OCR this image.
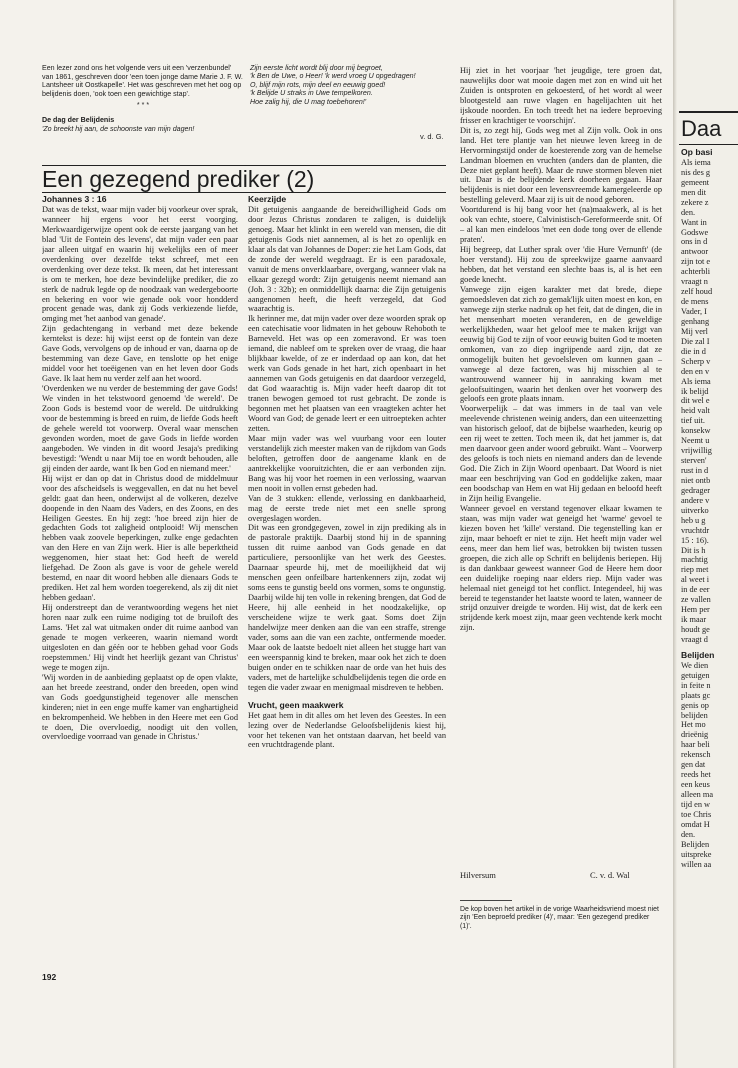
Een lezer zond ons het volgende vers uit een 'verzenbundel' van 1861, geschreven door 'een toen jonge dame Marie J. F. W. Lantsheer uit Oostkapelle'. Het was geschreven met het oog op belijdenis doen, 'ook toen een gewichtige stap'.

* * *

De dag der Belijdenis

'Zo breekt hij aan, de schoonste van mijn dagen!

Zijn eerste licht wordt blij door mij begroet,
'k Ben de Uwe, o Heer! 'k werd vroeg U opgedragen!
O, blijf mijn rots, mijn deel en eeuwig goed!
'k Belijde U straks in Uwe tempelkoren.
Hoe zalig hij, die U mag toebehoren!'
v. d. G.
Een gezegend prediker (2)
Johannes 3 : 16

Dat was de tekst, waar mijn vader bij voorkeur over sprak, wanneer hij ergens voor het eerst voorging. Merkwaardigerwijze opent ook de eerste jaargang van het blad 'Uit de Fontein des levens', dat mijn vader een paar jaar alleen uitgaf en waarin hij wekelijks een of meer overdenking over dezelfde tekst schreef, met een overdenking over deze tekst. Ik meen, dat het interessant is om te merken, hoe deze bevindelijke prediker, die zo sterk de nadruk legde op de noodzaak van wedergeboorte en bekering en voor wie genade ook voor hondderd procent genade was, dank zij Gods verkiezende liefde, omging met 'het aanbod van genade'.

Zijn gedachtengang in verband met deze bekende kerntekst is deze: hij wijst eerst op de fontein van deze Gave Gods, vervolgens op de inhoud er van, daarna op de bestemming van deze Gave, en tenslotte op het enige middel voor het toeëigenen van en het leven door Gods Gave. Ik laat hem nu verder zelf aan het woord.

'Overdenken we nu verder de bestemming der gave Gods! We vinden in het tekstwoord genoemd 'de wereld'. De Zoon Gods is bestemd voor de wereld. De uitdrukking voor de bestemming is breed en ruim, de liefde Gods heeft de gehele wereld tot voorwerp. Overal waar menschen gevonden worden, moet de gave Gods in liefde worden aangeboden. We vinden in dit woord Jesaja's prediking bevestigd: 'Wendt u naar Mij toe en wordt behouden, alle gij einden der aarde, want Ik ben God en niemand meer.'

Hij wijst er dan op dat in Christus dood de middelmuur voor des afscheidsels is weggevallen, en dat nu het bevel geldt: gaat dan heen, onderwijst al de volkeren, dezelve doopende in den Naam des Vaders, en des Zoons, en des Heiligen Geestes. En hij zegt: 'hoe breed zijn hier de gedachten Gods tot zaligheid ontplooid! Wij menschen hebben vaak zoovele beperkingen, zulke enge gedachten van den Here en van Zijn werk. Hier is alle beperktheid weggenomen, hier staat het: God heeft de wereld liefgehad. De Zoon als gave is voor de gehele wereld bestemd, en naar dit woord hebben alle dienaars Gods te prediken. Het zal hem worden toegerekend, als zij dit niet hebben gedaan'.

Hij onderstreept dan de verantwoording wegens het niet horen naar zulk een ruime nodiging tot de bruiloft des Lams. 'Het zal wat uitmaken onder dit ruime aanbod van genade te mogen verkeeren, waarin niemand wordt uitgesloten en dan géén oor te hebben gehad voor Gods roepstemmen.' Hij vindt het heerlijk gezant van Christus' wege te mogen zijn.

'Wij worden in de aanbieding geplaatst op de open vlakte, aan het breede zeestrand, onder den breeden, open wind van Gods goedgunstigheid tegenover alle menschen kinderen; niet in een enge muffe kamer van enghartigheid en bekrompenheid. We hebben in den Heere met een God te doen, Die overvloedig, noodigt uit den vollen, overvloedige voorraad van genade in Christus.'

Keerzijde

Dit getuigenis aangaande de bereidwilligheid Gods om door Jezus Christus zondaren te zaligen, is duidelijk genoeg. Maar het klinkt in een wereld van mensen, die dit getuigenis Gods niet aannemen, al is het zo openlijk en klaar als dat van Johannes de Doper: zie het Lam Gods, dat de zonde der wereld wegdraagt. Er is een paradoxale, vanuit de mens onverklaarbare, overgang, wanneer vlak na elkaar gezegd wordt: Zijn getuigenis neemt niemand aan (Joh. 3 : 32b); en onmiddellijk daarna: die Zijn getuigenis aangenomen heeft, die heeft verzegeld, dat God waarachtig is.

Ik herinner me, dat mijn vader over deze woorden sprak op een catechisatie voor lidmaten in het gebouw Rehoboth te Barneveld. Het was op een zomeravond. Er was toen iemand, die nableef om te spreken over de vraag, die haar blijkbaar kwelde, of ze er inderdaad op aan kon, dat het werk van Gods genade in het hart, zich openbaart in het aannemen van Gods getuigenis en dat daardoor verzegeld, dat God waarachtig is. Mijn vader heeft daarop dit tot tranen bewogen gemoed tot rust gebracht. De zonde is begonnen met het plaatsen van een vraagteken achter het Woord van God; de genade leert er een uitroepteken achter zetten.

Maar mijn vader was wel vuurbang voor een louter verstandelijk zich meester maken van de rijkdom van Gods beloften, getroffen door de aangename klank en de aantrekkelijke vooruitzichten, die er aan verbonden zijn. Bang was hij voor het roemen in een verlossing, waarvan men nooit in vollen ernst gebeden had.

Van de 3 stukken: ellende, verlossing en dankbaarheid, mag de eerste trede niet met een snelle sprong overgeslagen worden.

Dit was een grondgegeven, zowel in zijn prediking als in de pastorale praktijk. Daarbij stond hij in de spanning tussen dit ruime aanbod van Gods genade en dat particuliere, persoonlijke van het werk des Geestes. Daarnaar speurde hij, met de moeilijkheid dat wij menschen geen onfeilbare hartenkenners zijn, zodat wij soms eens te gunstig beeld ons vormen, soms te ongunstig. Daarbij wilde hij ten volle in rekening brengen, dat God de Heere, hij alle eenheid in het noodzakelijke, op verscheidene wijze te werk gaat. Soms doet Zijn handelwijze meer denken aan die van een straffe, strenge vader, soms aan die van een zachte, ontfermende moeder. Maar ook de laatste bedoelt niet alleen het stugge hart van een weerspannig kind te breken, maar ook het zich te doen buigen onder en te schikken naar de orde van het huis des vaders, met de hartelijke schuldbelijdenis tegen die orde en tegen die vader zwaar en menigmaal misdreven te hebben.

Vrucht, geen maakwerk

Het gaat hem in dit alles om het leven des Geestes. In een lezing over de Nederlandse Geloofsbelijdenis kiest hij, voor het tekenen van het ontstaan daarvan, het beeld van een vruchtdragende plant.

Hij ziet in het voorjaar 'het jeugdige, tere groen dat, nauwelijks door wat mooie dagen met zon en wind uit het Zuiden is ontsproten en gekoesterd, of het wordt al weer blootgesteld aan ruwe vlagen en hagelijachten uit het ijskoude noorden. En toch treedt het na iedere beproeving frisser en krachtiger te voorschijn'.

Dit is, zo zegt hij, Gods weg met al Zijn volk. Ook in ons land. Het tere plantje van het nieuwe leven kreeg in de Hervormingstijd onder de koesterende zorg van de hemelse Landman bloemen en vruchten (anders dan de planten, die Deze niet geplant heeft). Maar de ruwe stormen bleven niet uit. Daar is de belijdende kerk doorheen gegaan. Haar belijdenis is niet door een levensvreemde kamergeleerde op bestelling geleverd. Maar zij is uit de nood geboren.

Voortdurend is hij bang voor het (na)maakwerk, al is het ook van echte, stoere, Calvinistisch-Gereformeerde snit. Of – al kan men eindeloos 'met een dode tong over de ellende praten'.

Hij begreep, dat Luther sprak over 'die Hure Vernunft' (de hoer verstand). Hij zou de spreekwijze gaarne aanvaard hebben, dat het verstand een slechte baas is, al is het een goede knecht.

Vanwege zijn eigen karakter met dat brede, diepe gemoedsleven dat zich zo gemak'lijk uiten moest en kon, en vanwege zijn sterke nadruk op het feit, dat de dingen, die in het mensenhart moeten veranderen, en de geweldige werkelijkheden, waar het geloof mee te maken krijgt van eeuwig bij God te zijn of voor eeuwig buiten God te moeten omkomen, van zo diep ingrijpende aard zijn, dat ze onmogelijk buiten het gevoelsleven om kunnen gaan – vanwege al deze factoren, was hij misschien al te wantrouwend wanneer hij in aanraking kwam met geloofsuitingen, waarin het denken over het voorwerp des geloofs een grote plaats innam.

Voorwerpelijk – dat was immers in de taal van vele meelevende christenen weinig anders, dan een uiteenzetting van historisch geloof, dat de bijbelse waarheden, keurig op een rij weet te zetten. Toch meen ik, dat het jammer is, dat men daarvoor geen ander woord gebruikt. Want – Voorwerp des geloofs is toch niets en niemand anders dan de levende God. Die Zich in Zijn Woord openbaart. Dat Woord is niet maar een beschrijving van God en goddelijke zaken, maar een boodschap van Hem en wat Hij gedaan en beloofd heeft in Zijn heilig Evangelie.

Wanneer gevoel en verstand tegenover elkaar kwamen te staan, was mijn vader wat geneigd het 'warme' gevoel te kiezen boven het 'kille' verstand. Die tegenstelling kan er zijn, maar behoeft er niet te zijn. Het heeft mijn vader wel eens, meer dan hem lief was, betrokken bij twisten tussen groepen, die zich alle op Schrift en belijdenis beriepen. Hij is dan dankbaar geweest wanneer God de Heere hem door een duidelijke roeping naar elders riep. Mijn vader was helemaal niet geneigd tot het conflict. Integendeel, hij was bereid te tegenstander het laatste woord te laten, wanneer de strijd onzuiver dreigde te worden. Hij wist, dat de kerk een strijdende kerk moest zijn, maar geen vechtende kerk mocht zijn.

Hilversum	C. v. d. Wal
De kop boven het artikel in de vorige Waarheidsvriend moest niet zijn 'Een beproefd prediker (4)', maar: 'Een gezegend prediker (1)'.
192
Daa
Op basi
Als iema
nis des g
gemeent
men dit
zekere z
den.
Want in
Godswe
ons in d
antwoor
zijn tot e
achterbli
vraagt n
zelf houd
de mens
Vader, I
genhang
Mij verl
Die zal I
die in d
Scherp v
den en v
Als iema
ik belijd
dit wel e
heid valt
tief uit.
konsekw
Neemt u
vrijwillig
sterven'
rust in d
niet ontb
gedrager
andere v
uitverko
heb u g
vruchtdr
15 : 16).
Dit is h
machtig
riep met
al weet i
in de eer
ze vallen
Hem per
ik maar
houdt ge
vraagt d
Belijden
We dien
getuigen
in feite n
plaats gc
genis op
belijden
Het mo
drieënig
haar beli
rekensch
gen dat
reeds het
een keus
alleen ma
tijd en w
toe Chris
omdat H
den.
Belijden
uitspreke
willen aa
